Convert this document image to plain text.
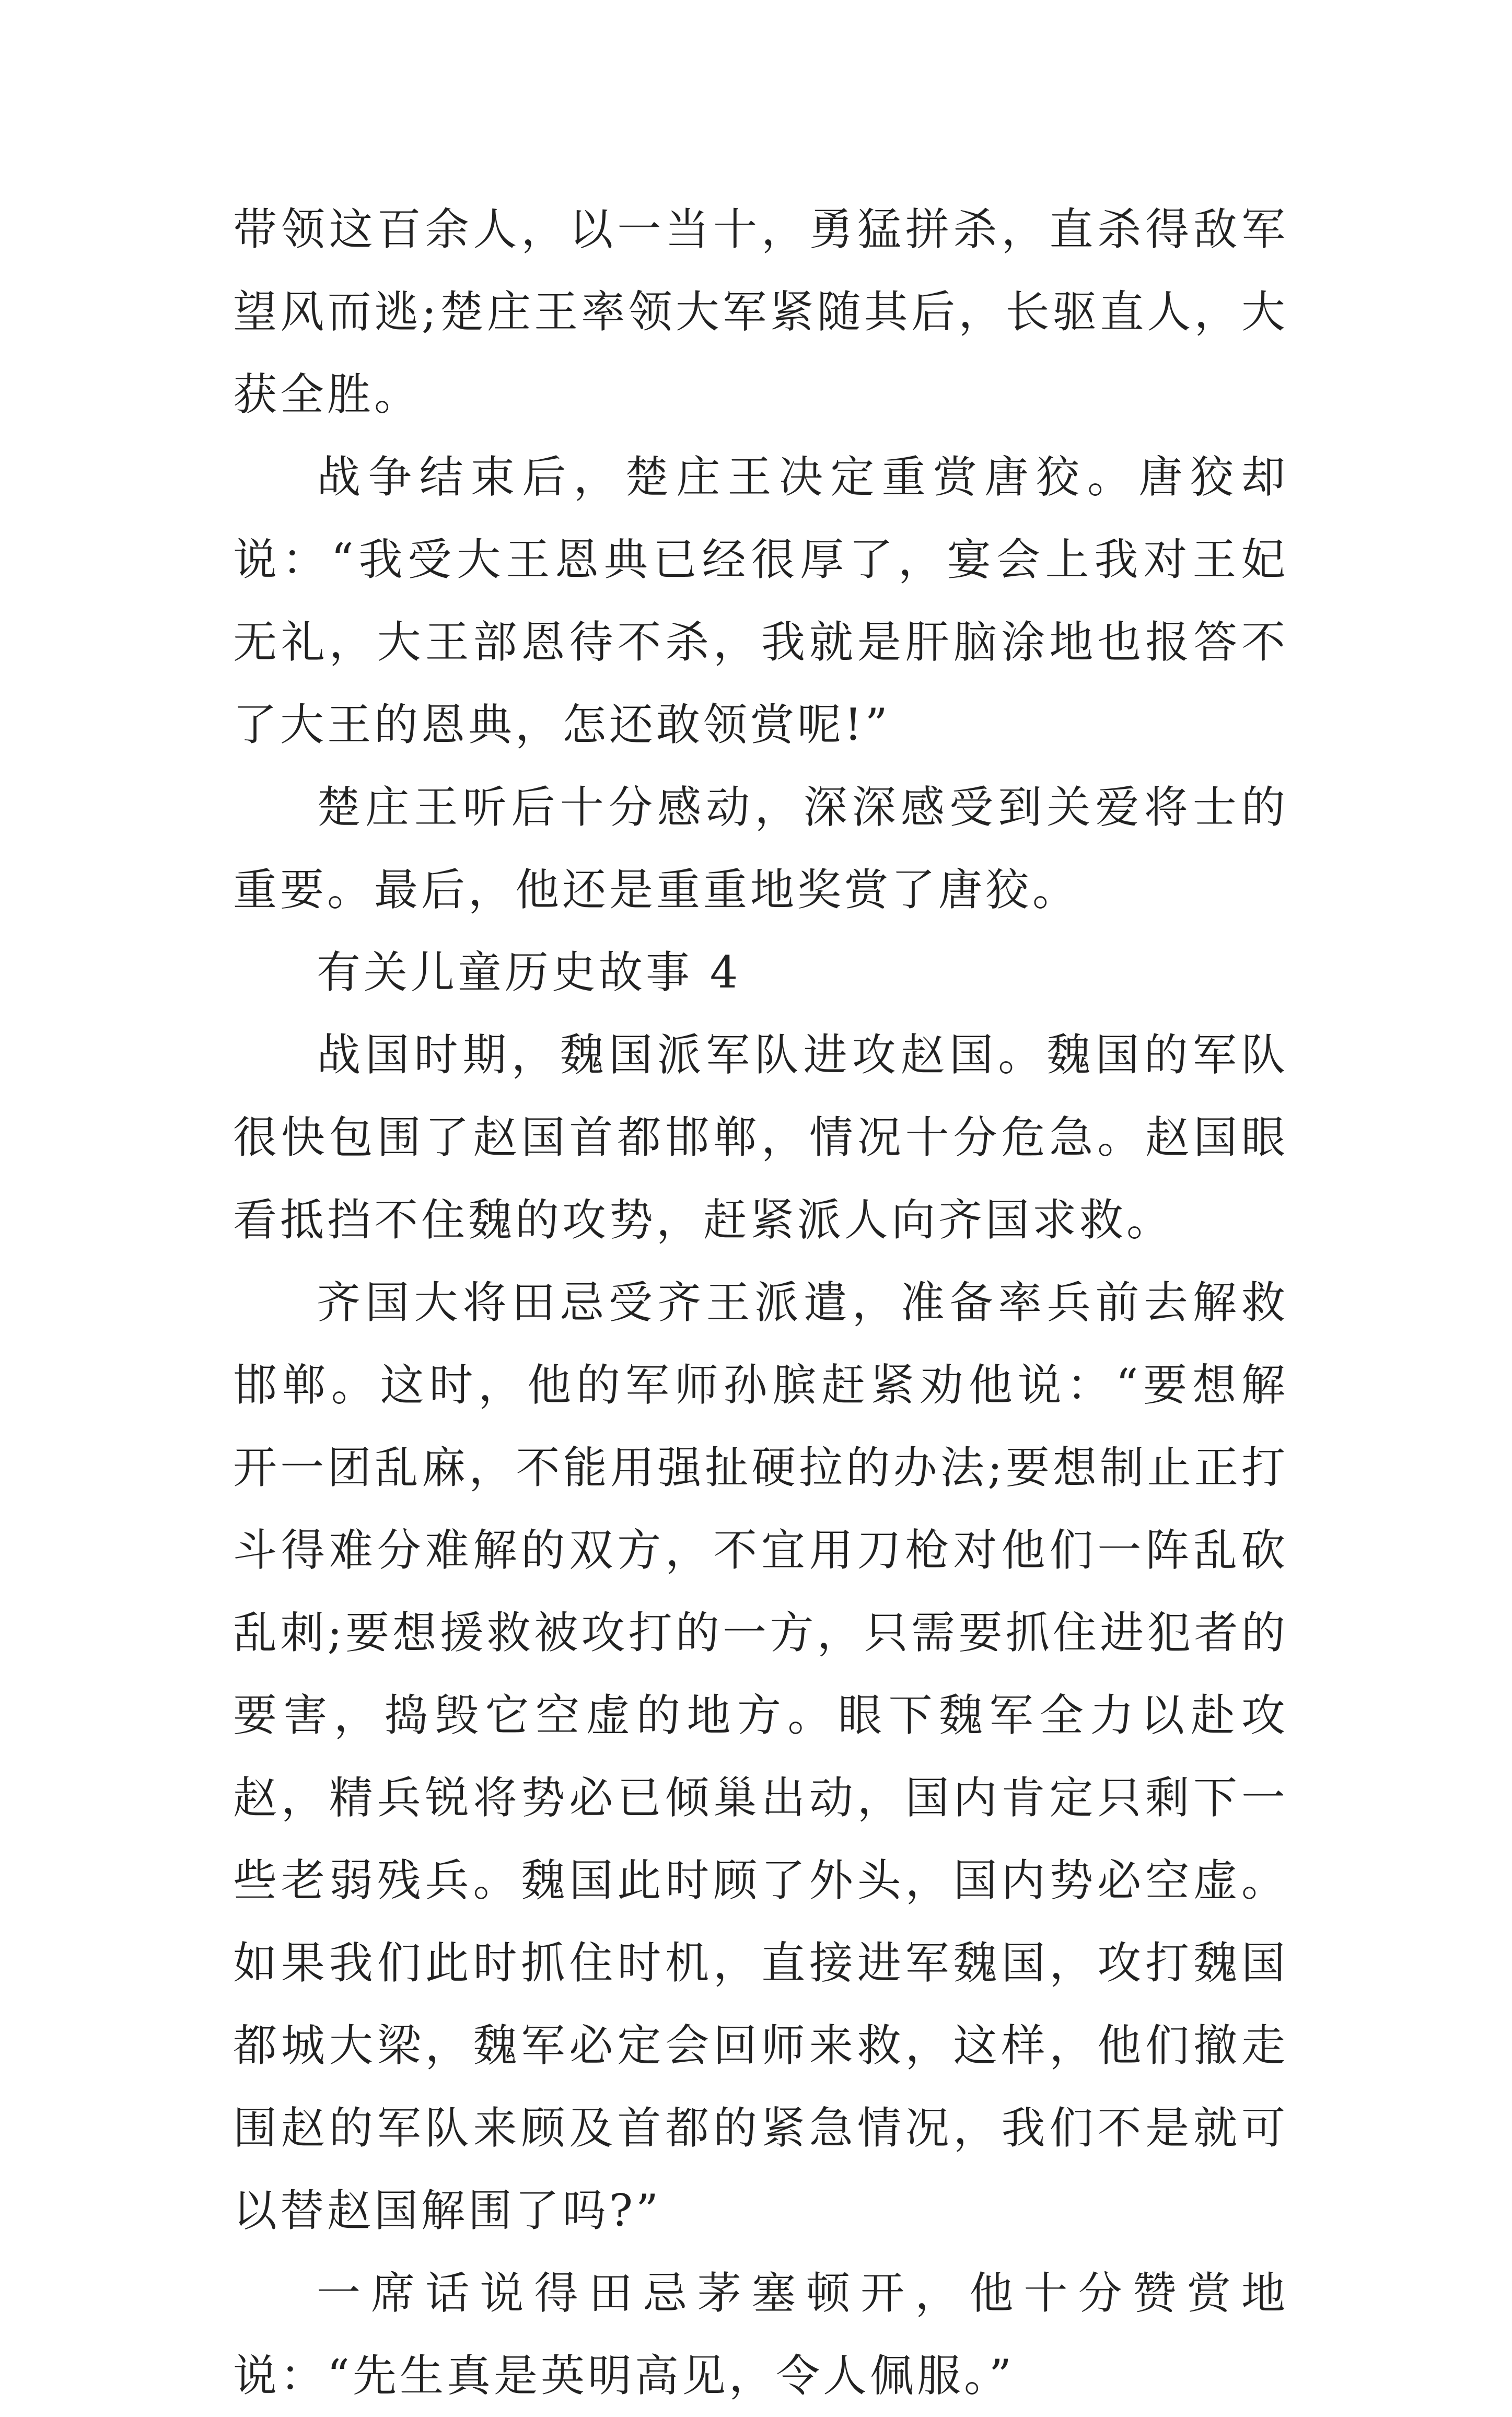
带领这百余人，以一当十，勇猛拼杀，直杀得敌军望风而逃;楚庄王率领大军紧随其后，长驱直人，大获全胜。

战争结束后，楚庄王决定重赏唐狡。唐狡却说：“我受大王恩典已经很厚了，宴会上我对王妃无礼，大王部恩待不杀，我就是肝脑涂地也报答不了大王的恩典，怎还敢领赏呢!”

楚庄王听后十分感动，深深感受到关爱将士的重要。最后，他还是重重地奖赏了唐狡。

有关儿童历史故事 4

战国时期，魏国派军队进攻赵国。魏国的军队很快包围了赵国首都邯郸，情况十分危急。赵国眼看抵挡不住魏的攻势，赶紧派人向齐国求救。

齐国大将田忌受齐王派遣，准备率兵前去解救邯郸。这时，他的军师孙膑赶紧劝他说：“要想解开一团乱麻，不能用强扯硬拉的办法;要想制止正打斗得难分难解的双方，不宜用刀枪对他们一阵乱砍乱刺;要想援救被攻打的一方，只需要抓住进犯者的要害，捣毁它空虚的地方。眼下魏军全力以赴攻赵，精兵锐将势必已倾巢出动，国内肯定只剩下一些老弱残兵。魏国此时顾了外头，国内势必空虚。如果我们此时抓住时机，直接进军魏国，攻打魏国都城大梁，魏军必定会回师来救，这样，他们撤走围赵的军队来顾及首都的紧急情况，我们不是就可以替赵国解围了吗?”

一席话说得田忌茅塞顿开，他十分赞赏地说：“先生真是英明高见，令人佩服。”
